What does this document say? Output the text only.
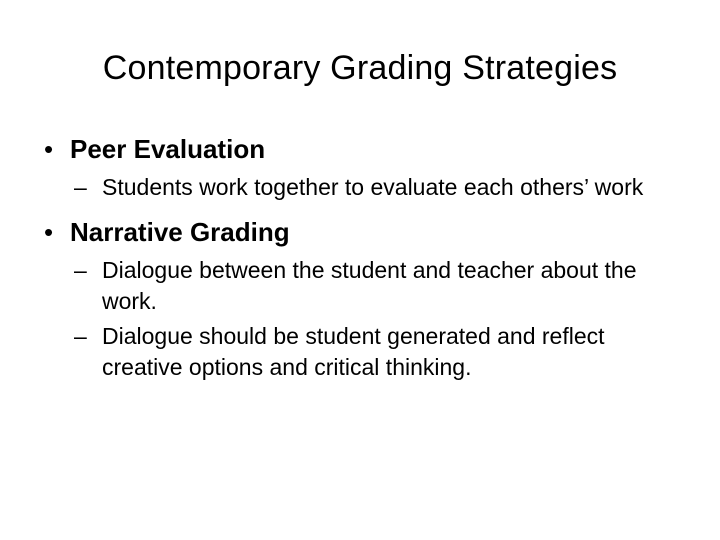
Contemporary Grading Strategies

• Peer Evaluation

– Students work together to evaluate each others’ work

• Narrative Grading

– Dialogue between the student and teacher about the work.
– Dialogue should be student generated and reflect creative options and critical thinking.
